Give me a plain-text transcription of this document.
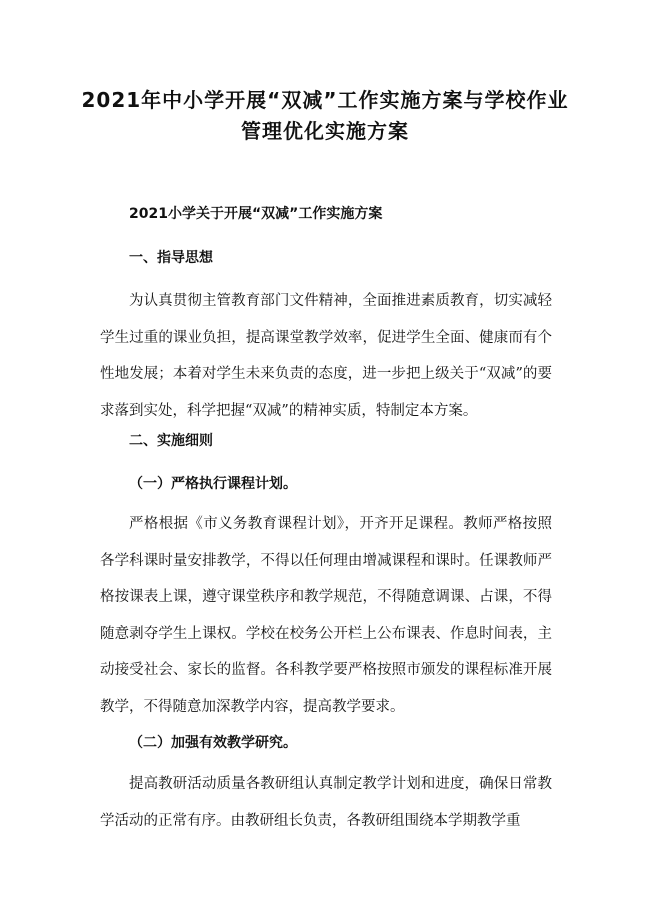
2021年中小学开展“双减”工作实施方案与学校作业
管理优化实施方案
2021小学关于开展“双减”工作实施方案
一、指导思想
为认真贯彻主管教育部门文件精神，全面推进素质教育，切实减轻学生过重的课业负担，提高课堂教学效率，促进学生全面、健康而有个性地发展；本着对学生未来负责的态度，进一步把上级关于“双减”的要求落到实处，科学把握“双减”的精神实质，特制定本方案。
二、实施细则
（一）严格执行课程计划。
严格根据《市义务教育课程计划》，开齐开足课程。教师严格按照各学科课时量安排教学，不得以任何理由增减课程和课时。任课教师严格按课表上课，遵守课堂秩序和教学规范，不得随意调课、占课，不得随意剥夺学生上课权。学校在校务公开栏上公布课表、作息时间表，主动接受社会、家长的监督。各科教学要严格按照市颁发的课程标准开展教学，不得随意加深教学内容，提高教学要求。
（二）加强有效教学研究。
提高教研活动质量各教研组认真制定教学计划和进度，确保日常教学活动的正常有序。由教研组长负责，各教研组围绕本学期教学重
